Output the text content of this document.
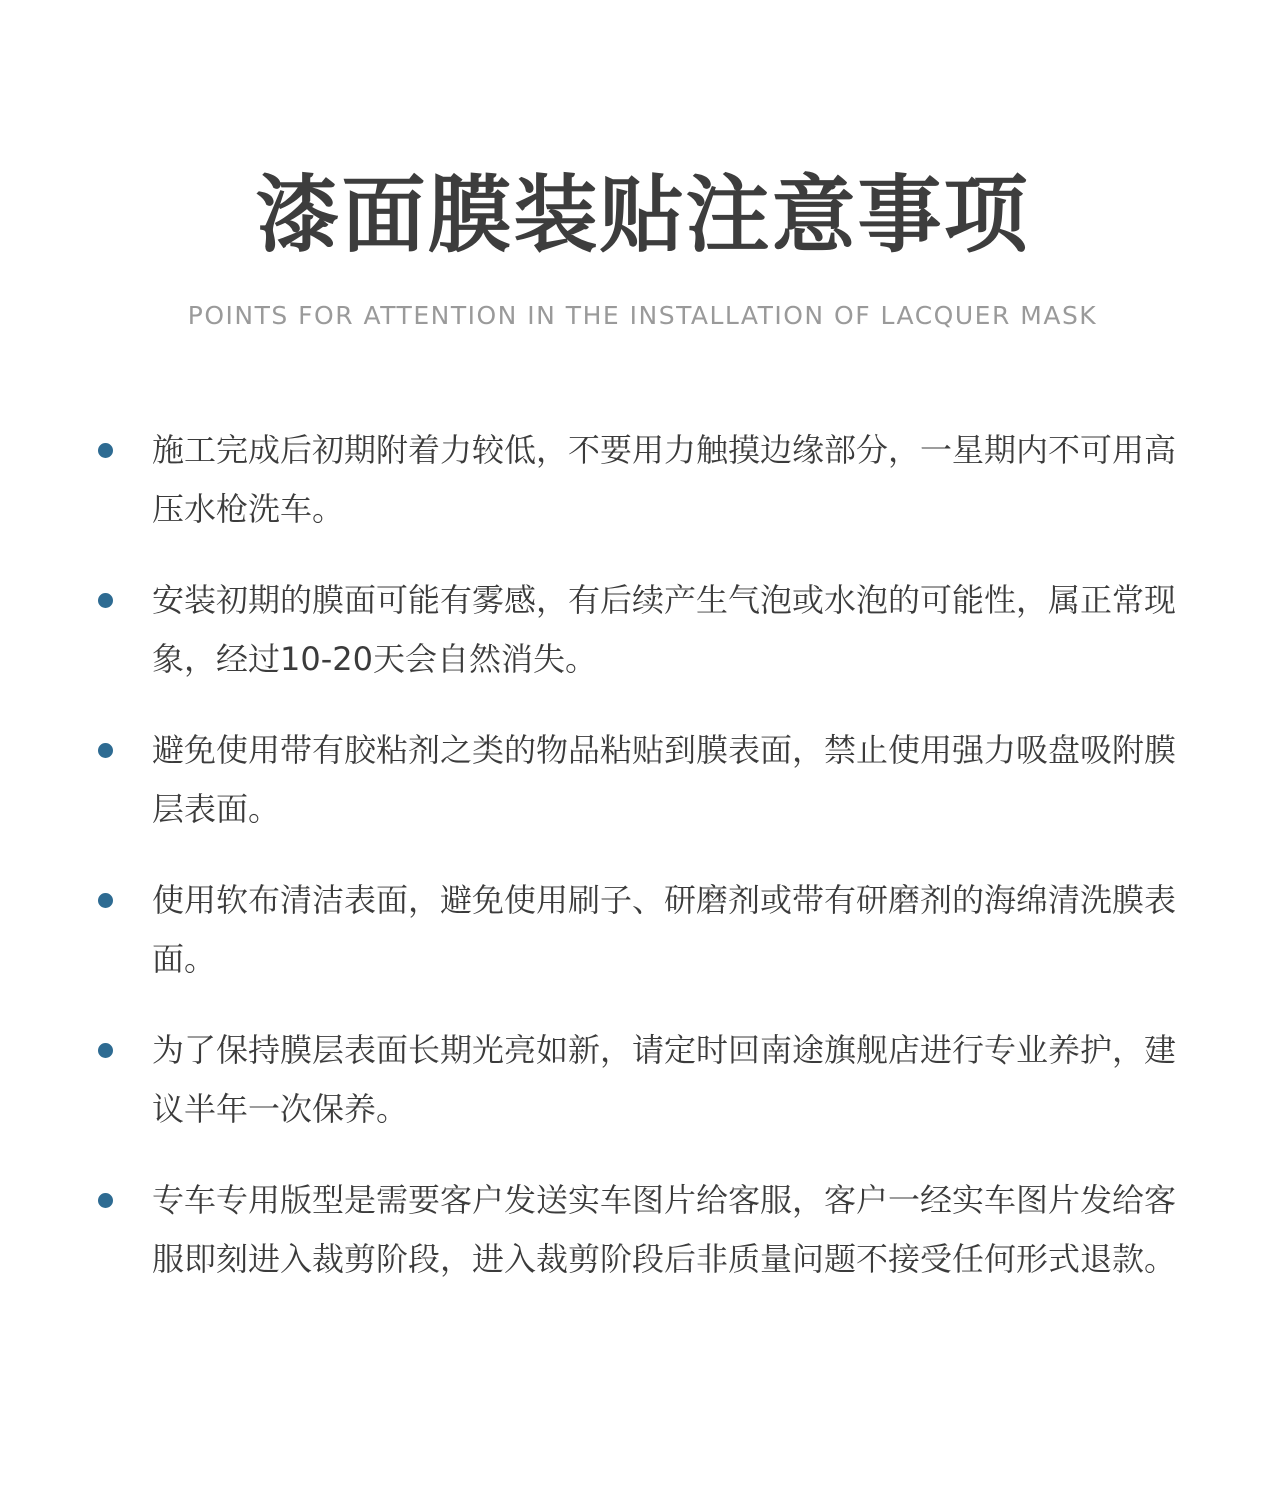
漆面膜装贴注意事项
POINTS FOR ATTENTION IN THE INSTALLATION OF LACQUER MASK
施工完成后初期附着力较低，不要用力触摸边缘部分，一星期内不可用高压水枪洗车。
安装初期的膜面可能有雾感，有后续产生气泡或水泡的可能性，属正常现象，经过10-20天会自然消失。
避免使用带有胶粘剂之类的物品粘贴到膜表面，禁止使用强力吸盘吸附膜层表面。
使用软布清洁表面，避免使用刷子、研磨剂或带有研磨剂的海绵清洗膜表面。
为了保持膜层表面长期光亮如新，请定时回南途旗舰店进行专业养护，建议半年一次保养。
专车专用版型是需要客户发送实车图片给客服，客户一经实车图片发给客服即刻进入裁剪阶段，进入裁剪阶段后非质量问题不接受任何形式退款。
